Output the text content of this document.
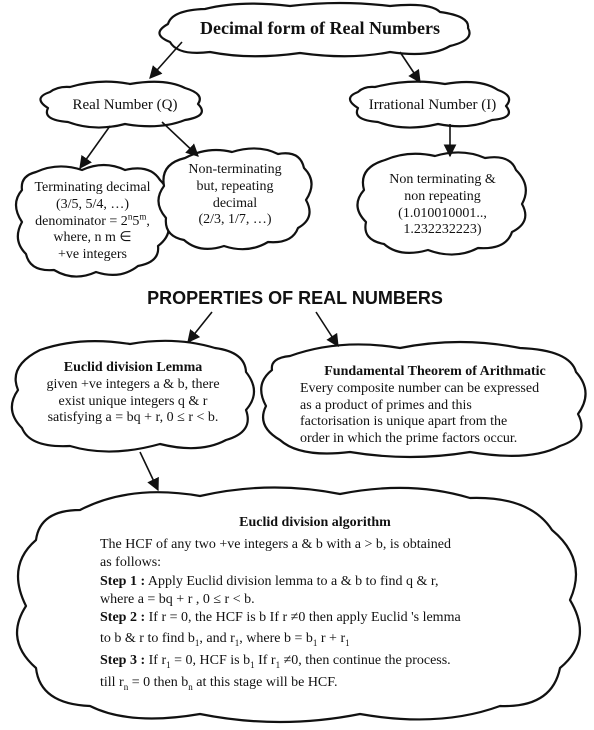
Decimal form of Real Numbers
Real Number (Q)	Irrational Number (I)
Terminating decimal
(3/5, 5/4, …)
denominator = $2^n5^m$,
where, n m ∈
+ve integers
Non-terminating
but, repeating
decimal
(2/3, 1/7, …)
Non terminating &
non repeating
(1.010010001..,
1.232232223)
PROPERTIES OF REAL NUMBERS
Euclid division Lemma
given +ve integers a & b, there
exist unique integers q & r
satisfying a = bq + r, 0 ≤ r < b.
Fundamental Theorem of Arithmatic
Every composite number can be expressed
as a product of primes and this
factorisation is unique apart from the
order in which the prime factors occur.
Euclid division algorithm
The HCF of any two +ve integers a & b with a > b, is obtained
as follows:
Step 1 : Apply Euclid division lemma to a & b to find q & r,
where a = bq + r , 0 ≤ r < b.
Step 2 : If r = 0, the HCF is b If r ≠0 then apply Euclid 's lemma
to b & r to find $b_1$, and $r_1$, where $b = b_1$ $r + r_1$
Step 3 : If $r_1 = 0$, HCF is $b_1$ If $r_1 \ne 0$, then continue the process.
till $r_n = 0$ then $b_n$ at this stage will be HCF.
